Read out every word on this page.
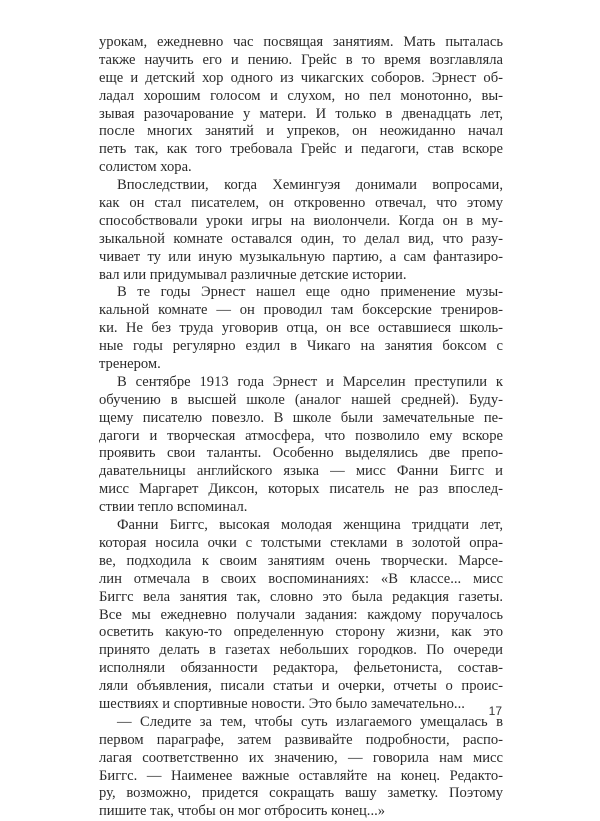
урокам, ежедневно час посвящая занятиям. Мать пыталась
также научить его и пению. Грейс в то время возглавляла
еще и детский хор одного из чикагских соборов. Эрнест об-
ладал хорошим голосом и слухом, но пел монотонно, вы-
зывая разочарование у матери. И только в двенадцать лет,
после многих занятий и упреков, он неожиданно начал
петь так, как того требовала Грейс и педагоги, став вскоре
солистом хора.
Впоследствии, когда Хемингуэя донимали вопросами,
как он стал писателем, он откровенно отвечал, что этому
способствовали уроки игры на виолончели. Когда он в му-
зыкальной комнате оставался один, то делал вид, что разу-
чивает ту или иную музыкальную партию, а сам фантазиро-
вал или придумывал различные детские истории.
В те годы Эрнест нашел еще одно применение музы-
кальной комнате — он проводил там боксерские трениров-
ки. Не без труда уговорив отца, он все оставшиеся школь-
ные годы регулярно ездил в Чикаго на занятия боксом с
тренером.
В сентябре 1913 года Эрнест и Марселин преступили к
обучению в высшей школе (аналог нашей средней). Буду-
щему писателю повезло. В школе были замечательные пе-
дагоги и творческая атмосфера, что позволило ему вскоре
проявить свои таланты. Особенно выделялись две препо-
давательницы английского языка — мисс Фанни Биггс и
мисс Маргарет Диксон, которых писатель не раз впослед-
ствии тепло вспоминал.
Фанни Биггс, высокая молодая женщина тридцати лет,
которая носила очки с толстыми стеклами в золотой опра-
ве, подходила к своим занятиям очень творчески. Марсе-
лин отмечала в своих воспоминаниях: «В классе... мисс
Биггс вела занятия так, словно это была редакция газеты.
Все мы ежедневно получали задания: каждому поручалось
осветить какую-то определенную сторону жизни, как это
принято делать в газетах небольших городков. По очереди
исполняли обязанности редактора, фельетониста, состав-
ляли объявления, писали статьи и очерки, отчеты о проис-
шествиях и спортивные новости. Это было замечательно...
— Следите за тем, чтобы суть излагаемого умещалась в
первом параграфе, затем развивайте подробности, распо-
лагая соответственно их значению, — говорила нам мисс
Биггс. — Наименее важные оставляйте на конец. Редакто-
ру, возможно, придется сокращать вашу заметку. Поэтому
пишите так, чтобы он мог отбросить конец...»
17
